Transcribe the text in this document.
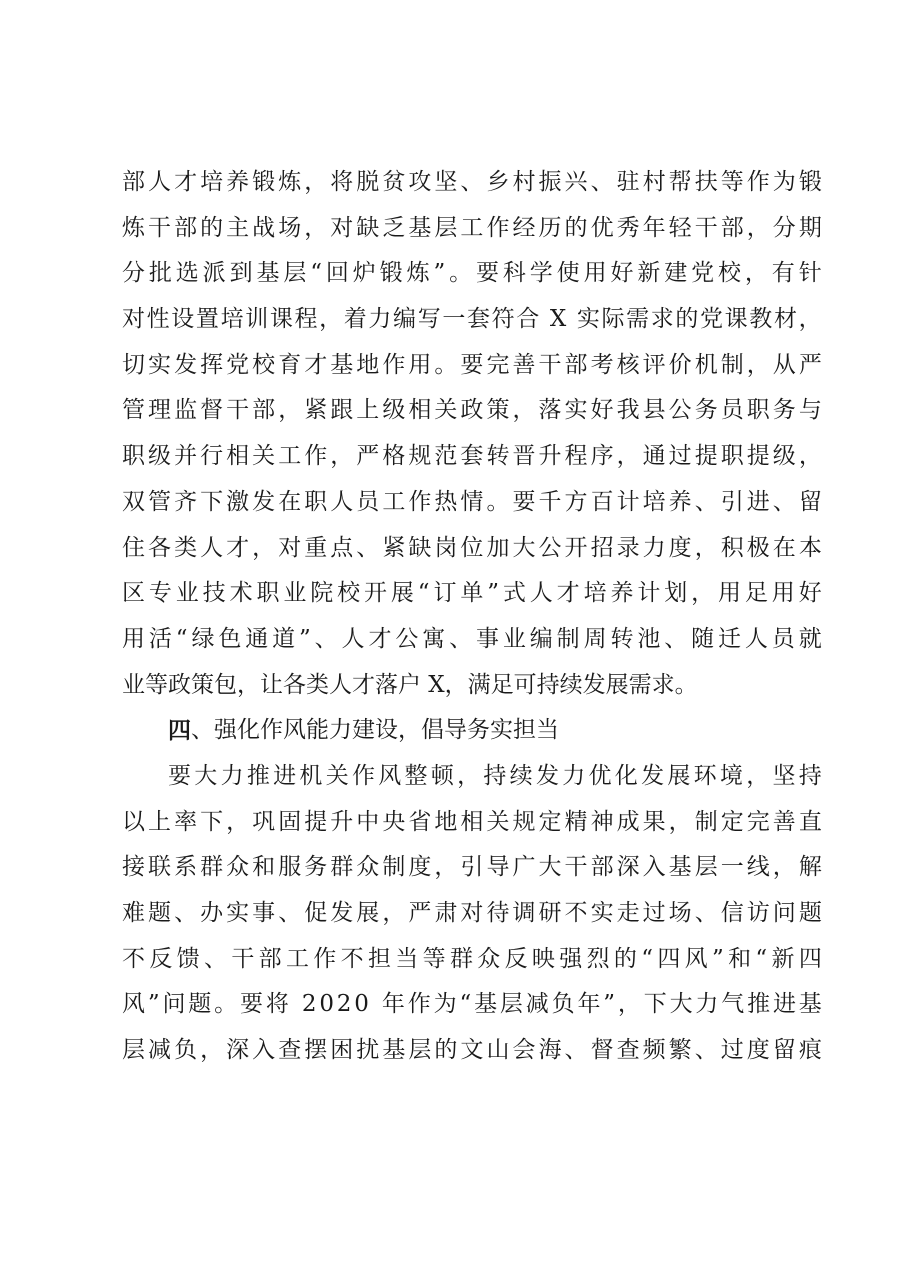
部 人 才 培 养 锻 炼 ， 将 脱 贫 攻 坚 、 乡 村 振 兴 、 驻 村 帮 扶 等 作 为 锻
炼 干 部 的 主 战 场 ， 对 缺 乏 基 层 工 作 经 历 的 优 秀 年 轻 干 部 ， 分 期
分 批 选 派 到 基 层 “ 回 炉 锻 炼 ” 。 要 科 学 使 用 好 新 建 党 校 ， 有 针
对 性 设 置 培 训 课 程 ， 着 力 编 写 一 套 符 合
X
实 际 需 求 的 党 课 教 材 ，
切 实 发 挥 党 校 育 才 基 地 作 用 。 要 完 善 干 部 考 核 评 价 机 制 ， 从 严
管 理 监 督 干 部 ， 紧 跟 上 级 相 关 政 策 ， 落 实 好 我 县 公 务 员 职 务 与
职 级 并 行 相 关 工 作 ， 严 格 规 范 套 转 晋 升 程 序 ， 通 过 提 职 提 级 ，
双 管 齐 下 激 发 在 职 人 员 工 作 热 情 。 要 千 方 百 计 培 养 、 引 进 、 留
住 各 类 人 才 ， 对 重 点 、 紧 缺 岗 位 加 大 公 开 招 录 力 度 ， 积 极 在 本
区 专 业 技 术 职 业 院 校 开 展 “ 订 单 ” 式 人 才 培 养 计 划 ， 用 足 用 好
用 活 “ 绿 色 通 道 ” 、 人 才 公 寓 、 事 业 编 制 周 转 池 、 随 迁 人 员 就
业等政策包，让各类人才落户 X，满足可持续发展需求。
四 、强化作风能力建设，倡导务实担当
要 大 力 推 进 机 关 作 风 整 顿 ， 持 续 发 力 优 化 发 展 环 境 ， 坚 持
以 上 率 下 ， 巩 固 提 升 中 央 省 地 相 关 规 定 精 神 成 果 ， 制 定 完 善 直
接 联 系 群 众 和 服 务 群 众 制 度 ， 引 导 广 大 干 部 深 入 基 层 一 线 ， 解
难 题 、 办 实 事 、 促 发 展 ， 严 肃 对 待 调 研 不 实 走 过 场 、 信 访 问 题
不 反 馈 、 干 部 工 作 不 担 当 等 群 众 反 映 强 烈 的 “ 四 风 ” 和 “ 新 四
风 ” 问 题 。 要 将
2 0 2 0
年 作 为 “ 基 层 减 负 年 ” ， 下 大 力 气 推 进 基
层 减 负 ， 深 入 查 摆 困 扰 基 层 的 文 山 会 海 、 督 查 频 繁 、 过 度 留 痕
